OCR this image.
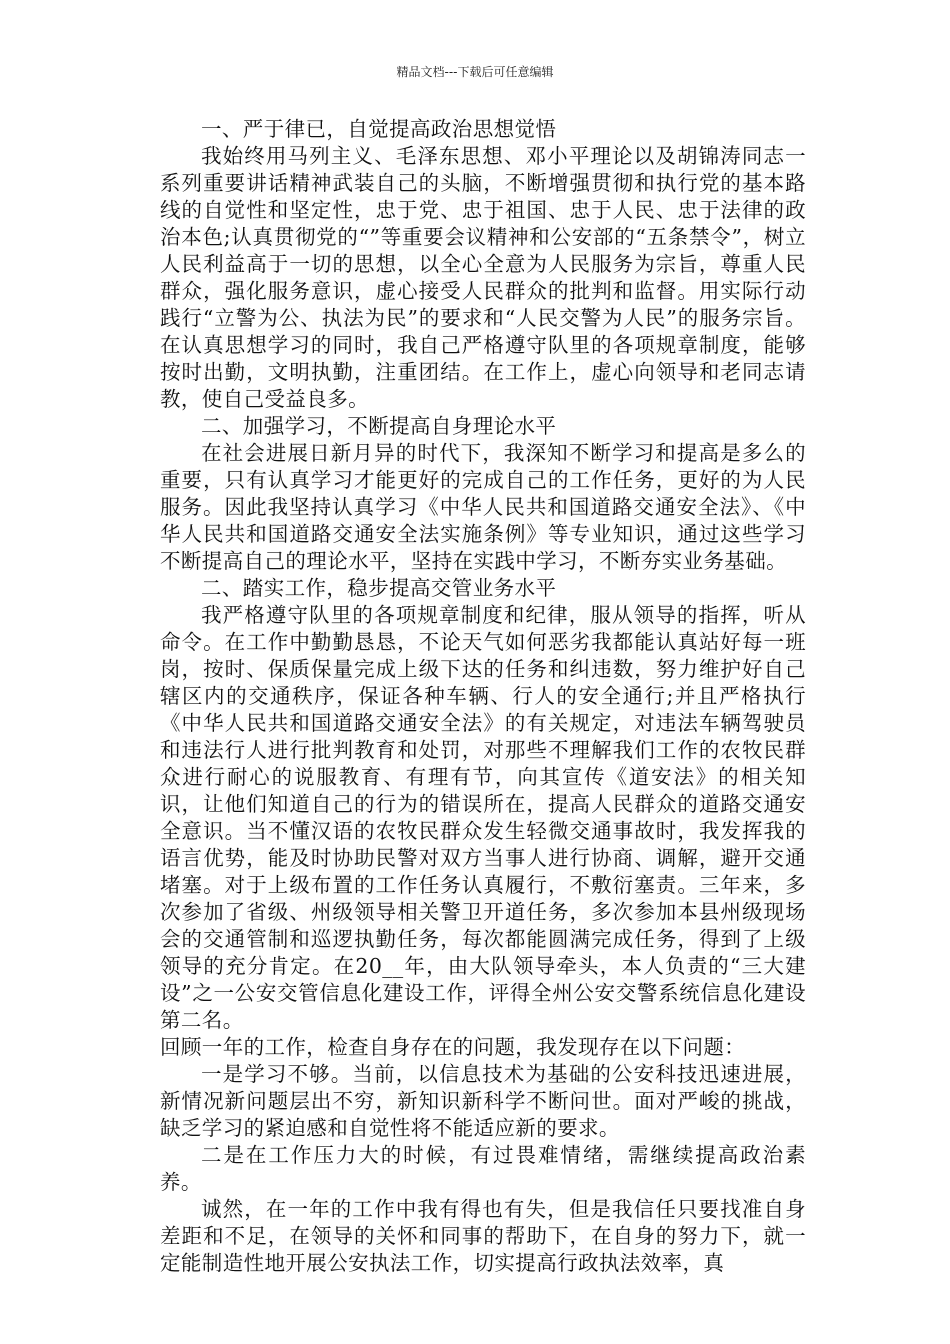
精品文档---下载后可任意编辑

一、严于律已，自觉提高政治思想觉悟

我始终用马列主义、毛泽东思想、邓小平理论以及胡锦涛同志一系列重要讲话精神武装自己的头脑，不断增强贯彻和执行党的基本路线的自觉性和坚定性，忠于党、忠于祖国、忠于人民、忠于法律的政治本色;认真贯彻党的“”等重要会议精神和公安部的“五条禁令”，树立人民利益高于一切的思想，以全心全意为人民服务为宗旨，尊重人民群众，强化服务意识，虚心接受人民群众的批判和监督。用实际行动践行“立警为公、执法为民”的要求和“人民交警为人民”的服务宗旨。在认真思想学习的同时，我自己严格遵守队里的各项规章制度，能够按时出勤，文明执勤，注重团结。在工作上，虚心向领导和老同志请教，使自己受益良多。

二、加强学习，不断提高自身理论水平

在社会进展日新月异的时代下，我深知不断学习和提高是多么的重要，只有认真学习才能更好的完成自己的工作任务，更好的为人民服务。因此我坚持认真学习《中华人民共和国道路交通安全法》、《中华人民共和国道路交通安全法实施条例》等专业知识，通过这些学习不断提高自己的理论水平，坚持在实践中学习，不断夯实业务基础。

二、踏实工作，稳步提高交管业务水平

我严格遵守队里的各项规章制度和纪律，服从领导的指挥，听从命令。在工作中勤勤恳恳，不论天气如何恶劣我都能认真站好每一班岗，按时、保质保量完成上级下达的任务和纠违数，努力维护好自己辖区内的交通秩序，保证各种车辆、行人的安全通行;并且严格执行《中华人民共和国道路交通安全法》的有关规定，对违法车辆驾驶员和违法行人进行批判教育和处罚，对那些不理解我们工作的农牧民群众进行耐心的说服教育、有理有节，向其宣传《道安法》的相关知识，让他们知道自己的行为的错误所在，提高人民群众的道路交通安全意识。当不懂汉语的农牧民群众发生轻微交通事故时，我发挥我的语言优势，能及时协助民警对双方当事人进行协商、调解，避开交通堵塞。对于上级布置的工作任务认真履行，不敷衍塞责。三年来，多次参加了省级、州级领导相关警卫开道任务，多次参加本县州级现场会的交通管制和巡逻执勤任务，每次都能圆满完成任务，得到了上级领导的充分肯定。在20__年，由大队领导牵头，本人负责的“三大建设”之一公安交管信息化建设工作，评得全州公安交警系统信息化建设第二名。

回顾一年的工作，检查自身存在的问题，我发现存在以下问题：

一是学习不够。当前，以信息技术为基础的公安科技迅速进展，新情况新问题层出不穷，新知识新科学不断问世。面对严峻的挑战，缺乏学习的紧迫感和自觉性将不能适应新的要求。

二是在工作压力大的时候，有过畏难情绪，需继续提高政治素养。

诚然，在一年的工作中我有得也有失，但是我信任只要找准自身差距和不足，在领导的关怀和同事的帮助下，在自身的努力下，就一定能制造性地开展公安执法工作，切实提高行政执法效率，真
